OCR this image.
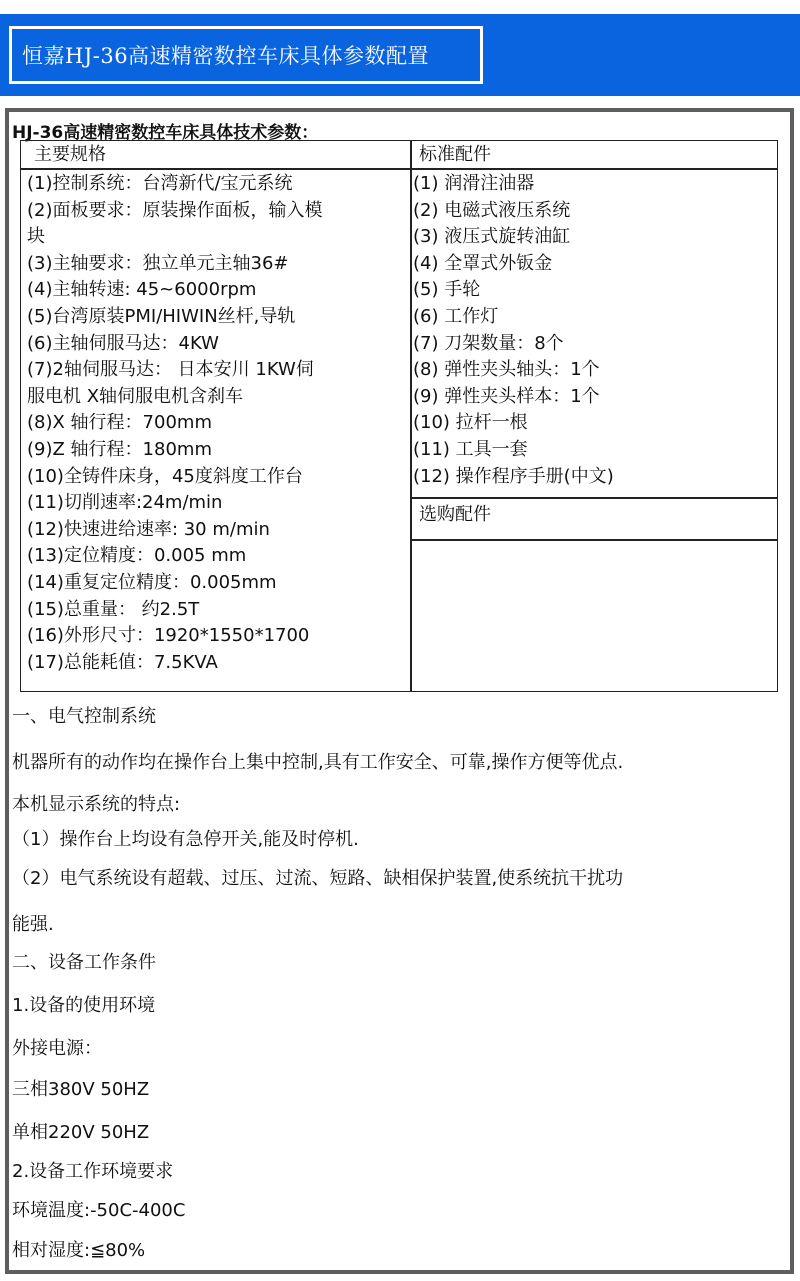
恒嘉HJ-36高速精密数控车床具体参数配置
HJ-36高速精密数控车床具体技术参数：
主要规格	标准配件
选购配件
(1)控制系统：台湾新代/宝元系统
(2)面板要求：原装操作面板，输入模
块
(3)主轴要求：独立单元主轴36#
(4)主轴转速: 45~6000rpm
(5)台湾原装PMI/HIWIN丝杆,导轨
(6)主轴伺服马达：4KW
(7)2轴伺服马达： 日本安川 1KW伺
服电机 X轴伺服电机含刹车
(8)X 轴行程：700mm
(9)Z 轴行程：180mm
(10)全铸件床身，45度斜度工作台
(11)切削速率:24m/min
(12)快速进给速率: 30 m/min
(13)定位精度：0.005 mm
(14)重复定位精度：0.005mm
(15)总重量： 约2.5T
(16)外形尺寸：1920*1550*1700
(17)总能耗值：7.5KVA
(1) 润滑注油器
(2) 电磁式液压系统
(3) 液压式旋转油缸
(4) 全罩式外钣金
(5) 手轮
(6) 工作灯
(7) 刀架数量：8个
(8) 弹性夹头轴头：1个
(9) 弹性夹头样本：1个
(10) 拉杆一根
(11) 工具一套
(12) 操作程序手册(中文)
一、电气控制系统
机器所有的动作均在操作台上集中控制,具有工作安全、可靠,操作方便等优点.
本机显示系统的特点:
（1）操作台上均设有急停开关,能及时停机.
（2）电气系统设有超载、过压、过流、短路、缺相保护装置,使系统抗干扰功
能强.
二、设备工作条件
1.设备的使用环境
外接电源：
三相380V 50HZ
单相220V 50HZ
2.设备工作环境要求
环境温度:-50C-400C
相对湿度:≦80%
